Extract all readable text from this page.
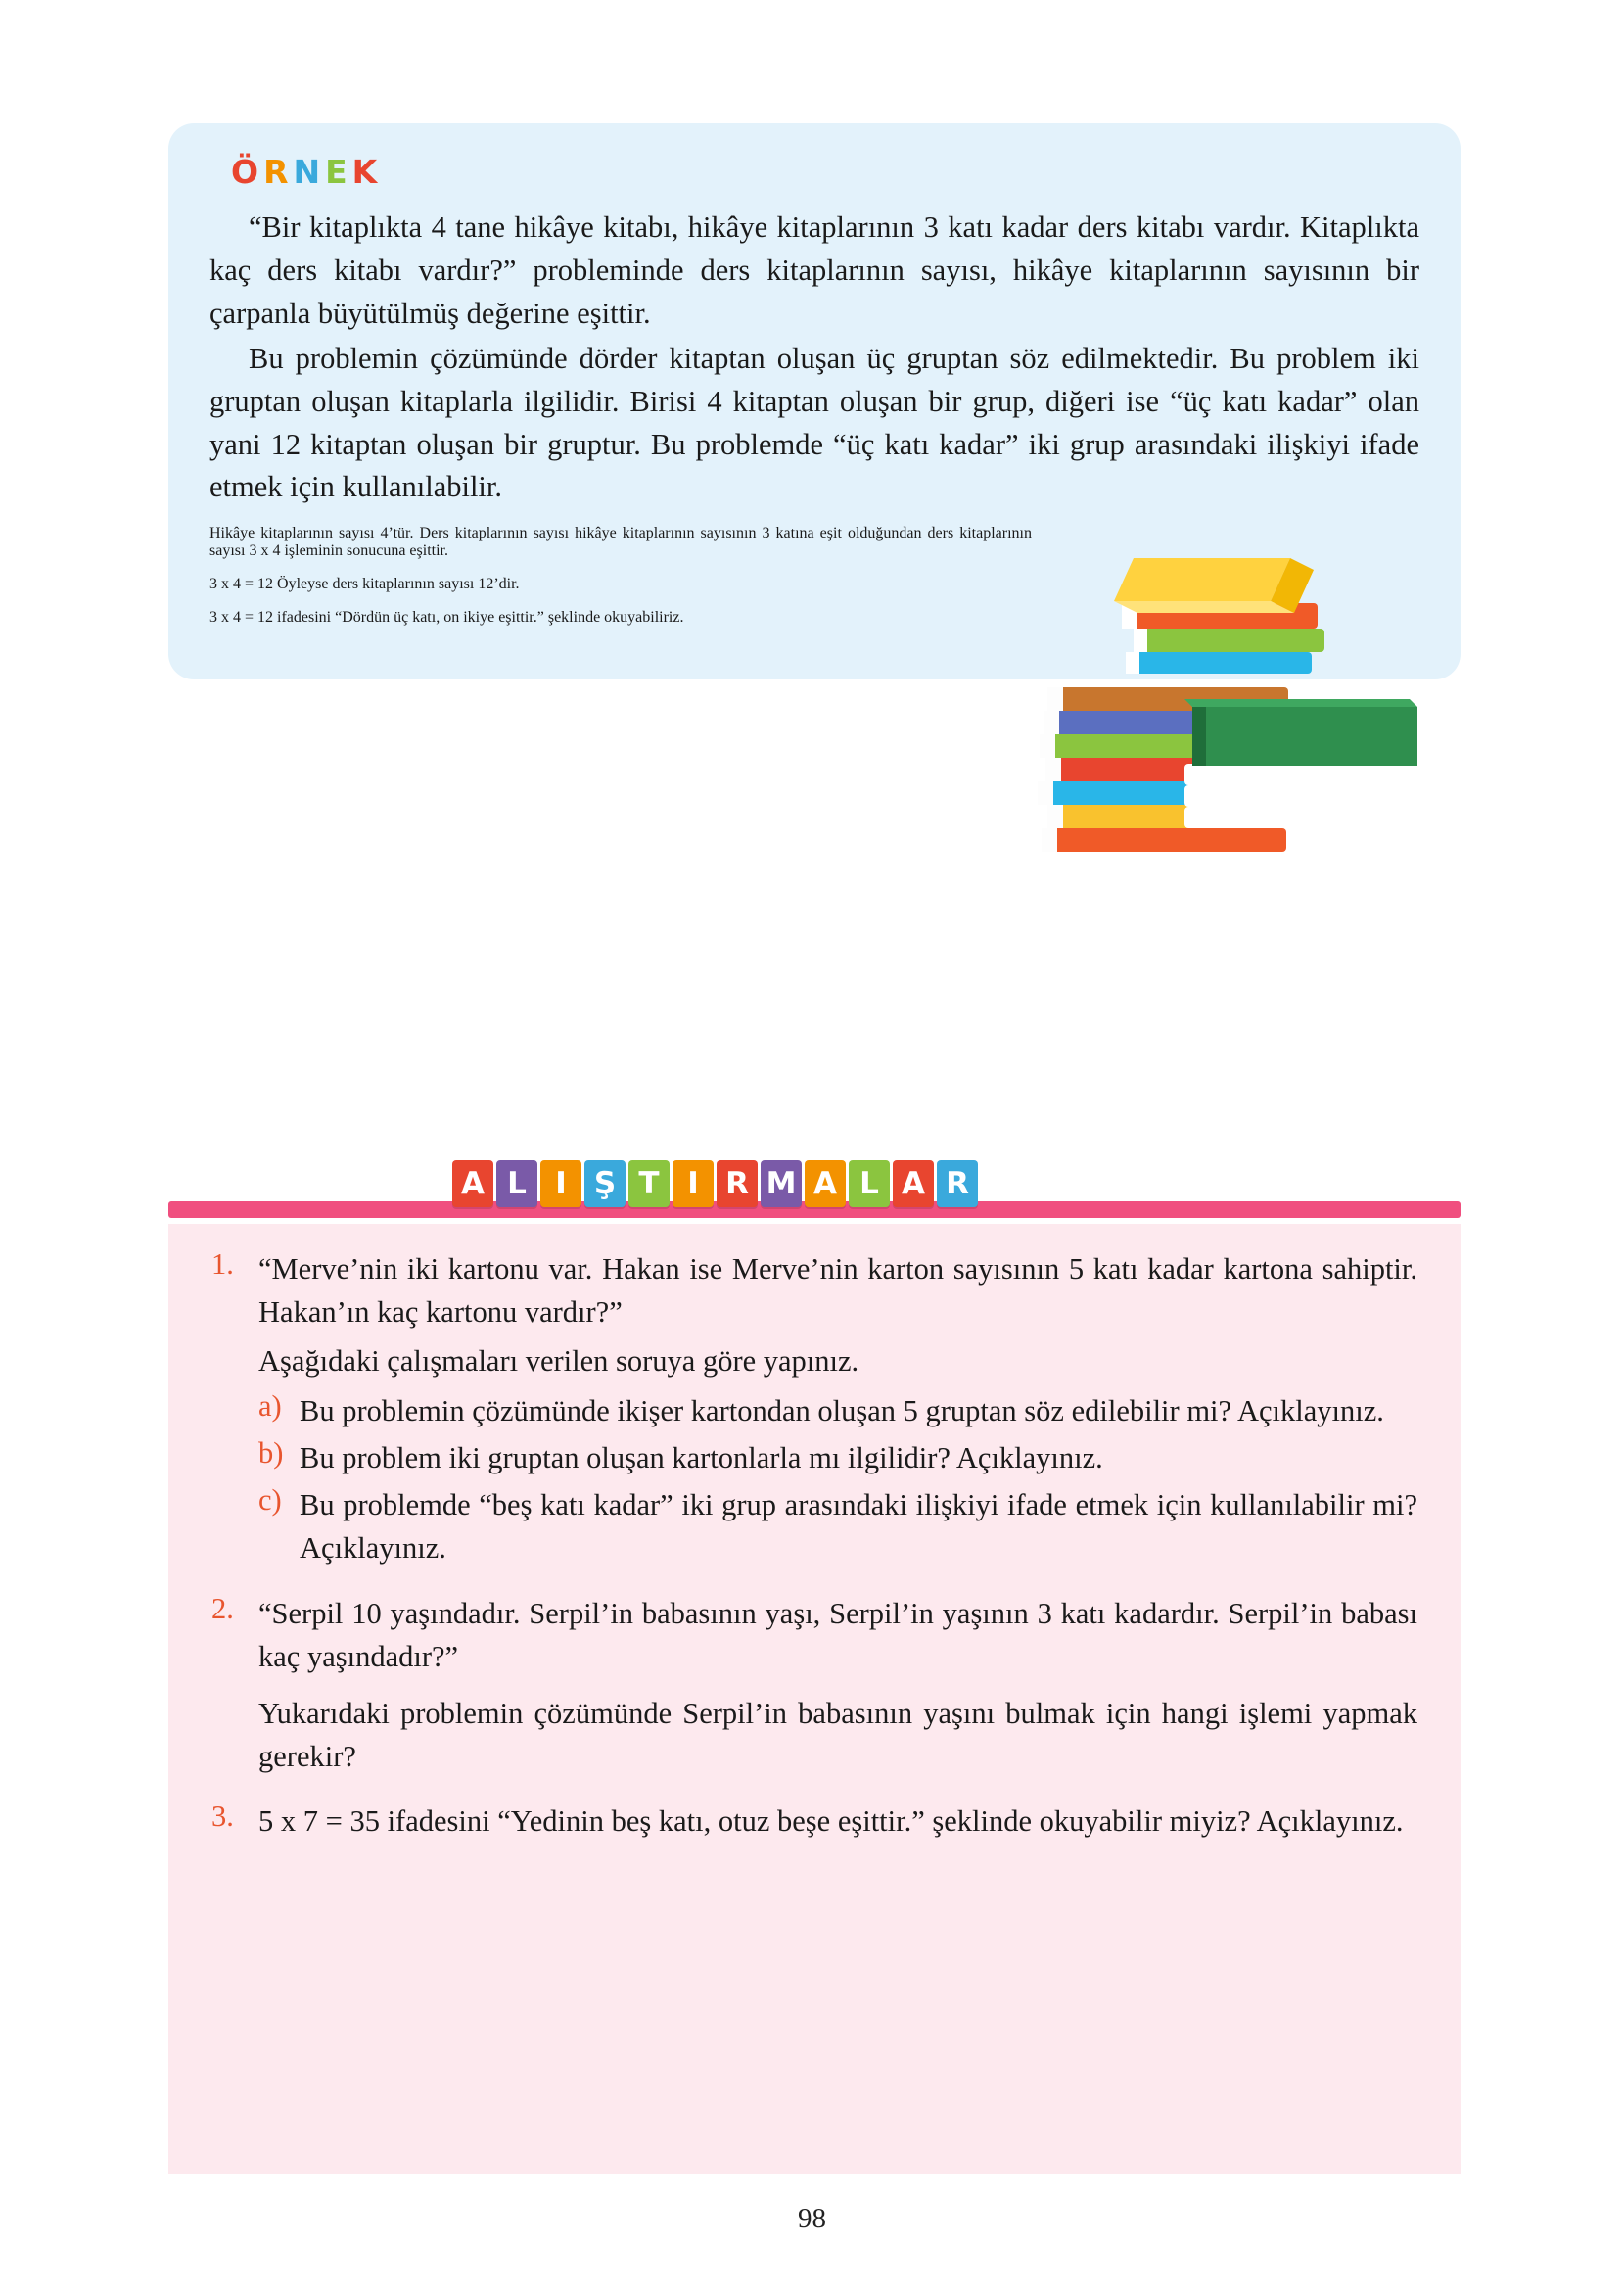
ÖRNEK

“Bir kitaplıkta 4 tane hikâye kitabı, hikâye kitaplarının 3 katı kadar ders kitabı vardır. Kitaplıkta kaç ders kitabı vardır?” probleminde ders kitaplarının sayısı, hikâye kitaplarının sayısının bir çarpanla büyütülmüş değerine eşittir.

Bu problemin çözümünde dörder kitaptan oluşan üç gruptan söz edilmektedir. Bu problem iki gruptan oluşan kitaplarla ilgilidir. Birisi 4 kitaptan oluşan bir grup, diğeri ise “üç katı kadar” olan yani 12 kitaptan oluşan bir gruptur. Bu problemde “üç katı kadar” iki grup arasındaki ilişkiyi ifade etmek için kullanılabilir.

Hikâye kitaplarının sayısı 4’tür. Ders kitaplarının sayısı hikâye kitaplarının sayısının 3 katına eşit olduğundan ders kitaplarının sayısı 3 x 4 işleminin sonucuna eşittir.

3 x 4 = 12 Öyleyse ders kitaplarının sayısı 12’dir.

3 x 4 = 12 ifadesini “Dördün üç katı, on ikiye eşittir.” şeklinde okuyabiliriz.

A L I Ş T I R M A L A R
1. “Merve’nin iki kartonu var. Hakan ise Merve’nin karton sayısının 5 katı kadar kartona sahiptir. Hakan’ın kaç kartonu vardır?”

Aşağıdaki çalışmaları verilen soruya göre yapınız.

a) Bu problemin çözümünde ikişer kartondan oluşan 5 gruptan söz edilebilir mi? Açıklayınız.

b) Bu problem iki gruptan oluşan kartonlarla mı ilgilidir? Açıklayınız.

c) Bu problemde “beş katı kadar” iki grup arasındaki ilişkiyi ifade etmek için kullanılabilir mi? Açıklayınız.

2. “Serpil 10 yaşındadır. Serpil’in babasının yaşı, Serpil’in yaşının 3 katı kadardır. Serpil’in babası kaç yaşındadır?”

Yukarıdaki problemin çözümünde Serpil’in babasının yaşını bulmak için hangi işlemi yapmak gerekir?

3. 5 x 7 = 35 ifadesini “Yedinin beş katı, otuz beşe eşittir.” şeklinde okuyabilir miyiz? Açıklayınız.

98
